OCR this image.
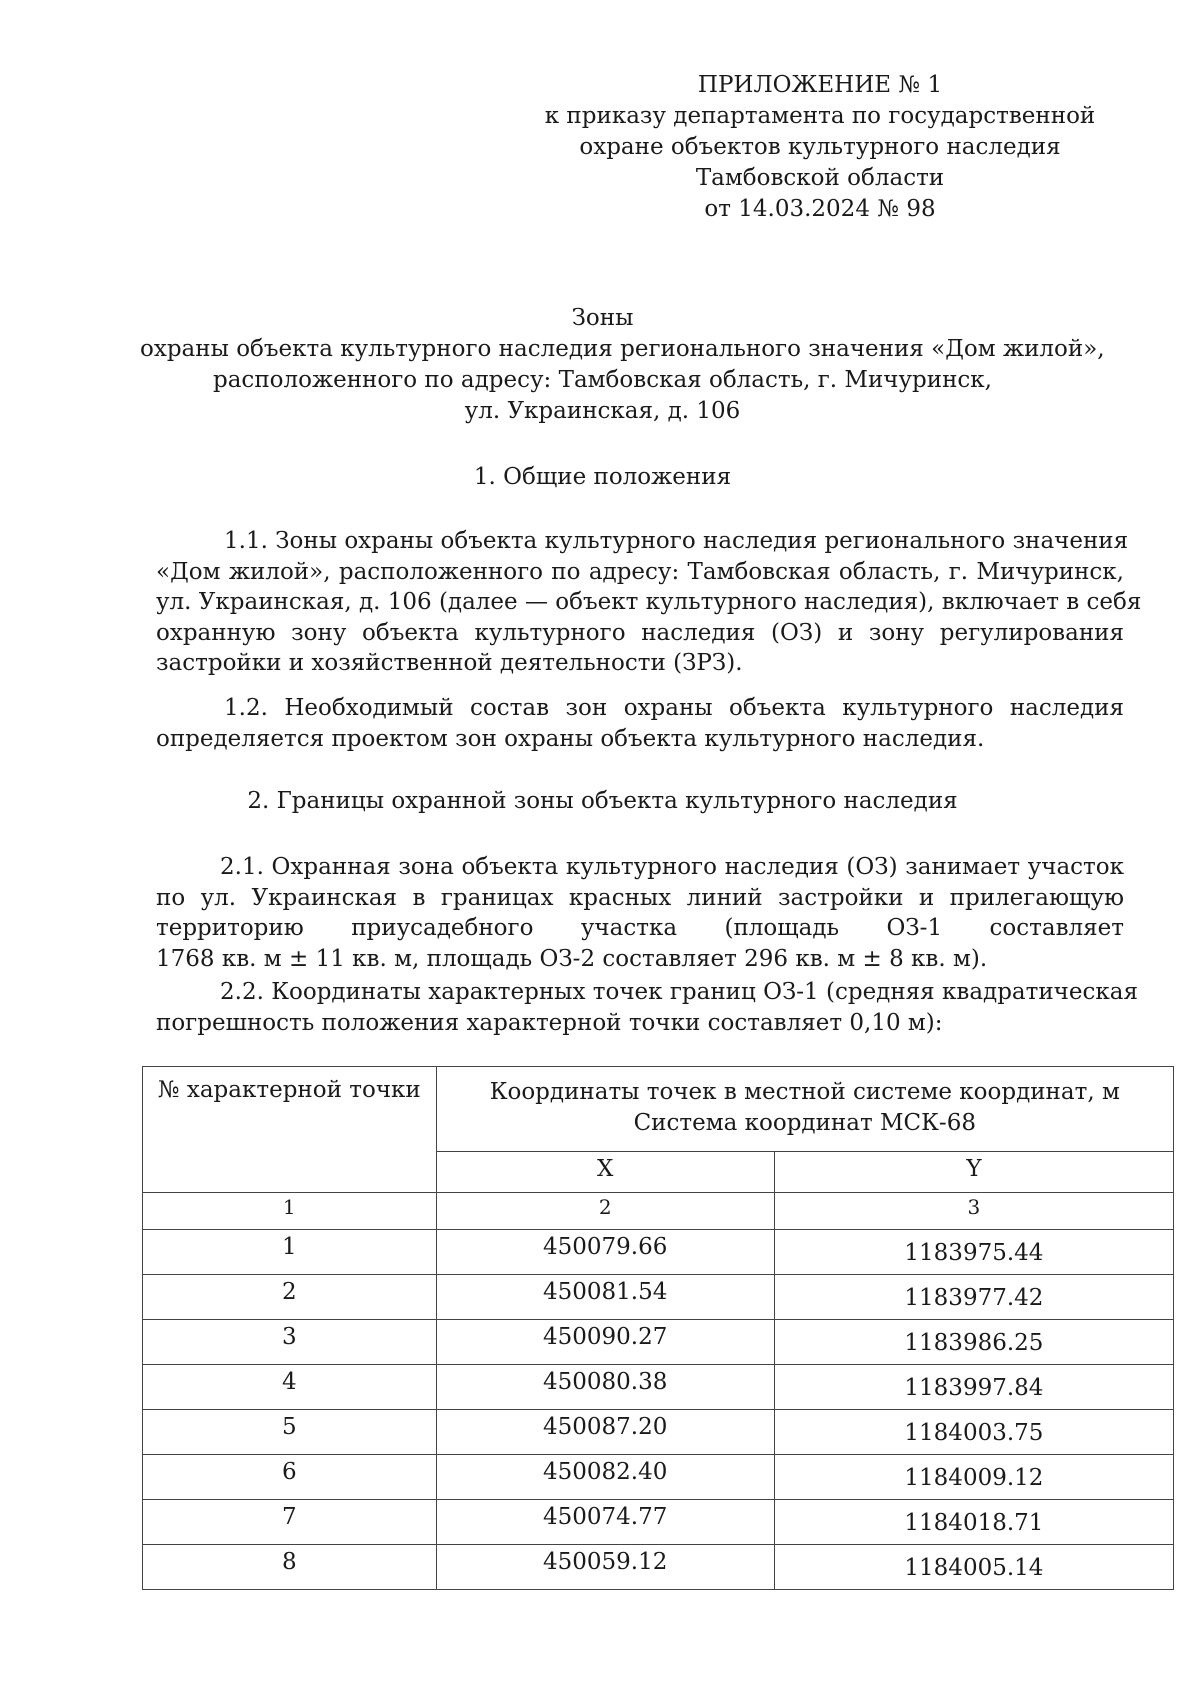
ПРИЛОЖЕНИЕ № 1
к приказу департамента по государственной
охране объектов культурного наследия
Тамбовской области
от 14.03.2024 № 98
Зоны
охраны объекта культурного наследия регионального значения «Дом жилой»,
расположенного по адресу: Тамбовская область, г. Мичуринск,
ул. Украинская, д. 106
1. Общие положения
1.1. Зоны охраны объекта культурного наследия регионального значения
«Дом жилой», расположенного по адресу: Тамбовская область, г. Мичуринск,
ул. Украинская, д. 106 (далее — объект культурного наследия), включает в себя
охранную зону объекта культурного наследия (ОЗ) и зону регулирования
застройки и хозяйственной деятельности (ЗРЗ).
1.2. Необходимый состав зон охраны объекта культурного наследия
определяется проектом зон охраны объекта культурного наследия.
2. Границы охранной зоны объекта культурного наследия
2.1. Охранная зона объекта культурного наследия (ОЗ) занимает участок
по ул. Украинская в границах красных линий застройки и прилегающую
территорию приусадебного участка (площадь ОЗ-1 составляет
1768 кв. м ± 11 кв. м, площадь ОЗ-2 составляет 296 кв. м ± 8 кв. м).
2.2. Координаты характерных точек границ ОЗ-1 (средняя квадратическая
погрешность положения характерной точки составляет 0,10 м):
№ характерной точки	Координаты точек в местной системе координат, м
Система координат МСК-68	
	X	Y
1	2	3
1	450079.66	1183975.44
2	450081.54	1183977.42
3	450090.27	1183986.25
4	450080.38	1183997.84
5	450087.20	1184003.75
6	450082.40	1184009.12
7	450074.77	1184018.71
8	450059.12	1184005.14
